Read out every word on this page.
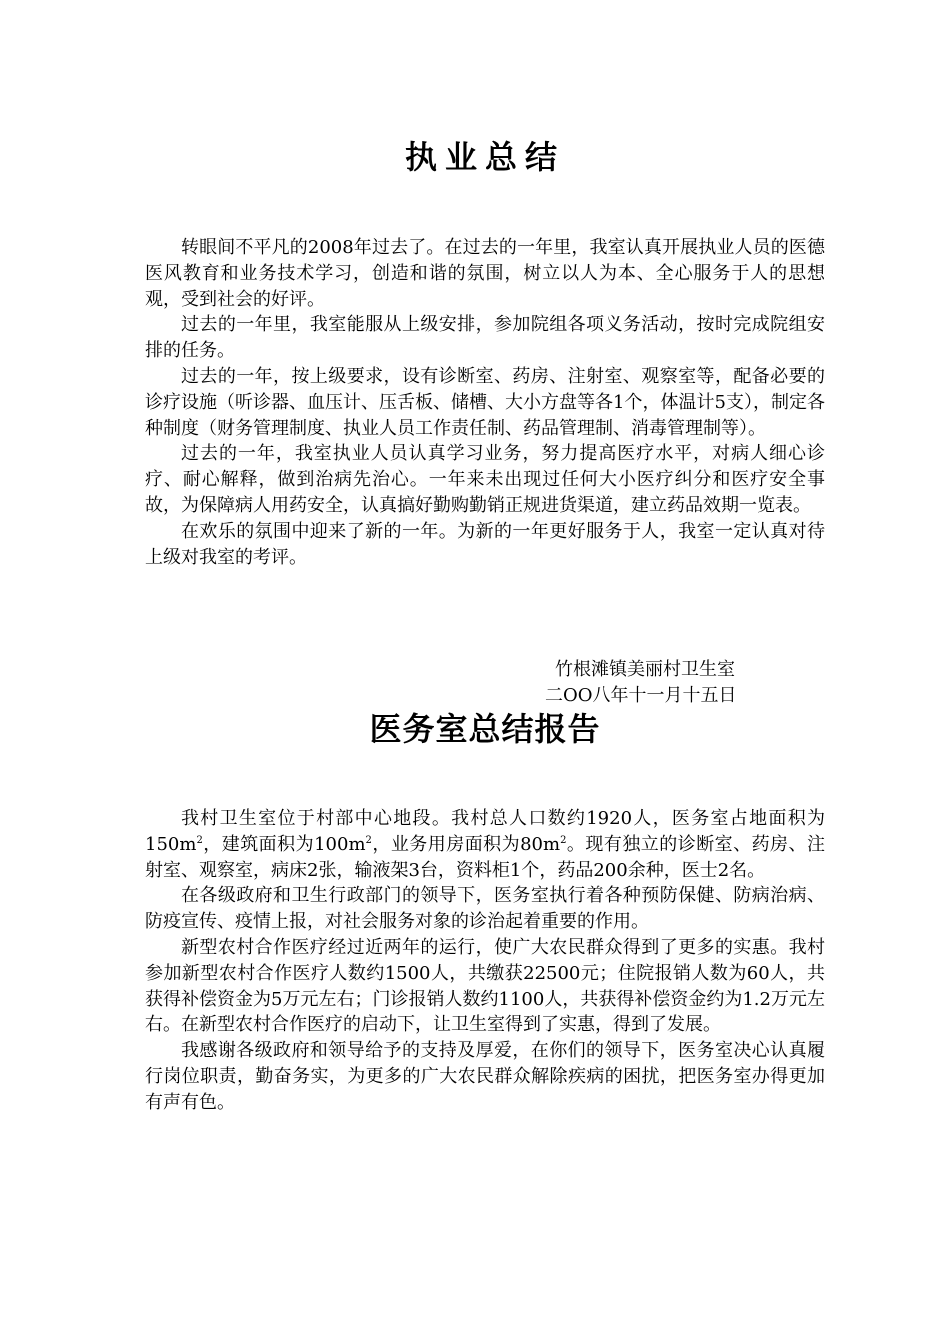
执业总结

转眼间不平凡的2008年过去了。在过去的一年里，我室认真开展执业人员的医德医风教育和业务技术学习，创造和谐的氛围，树立以人为本、全心服务于人的思想观，受到社会的好评。

过去的一年里，我室能服从上级安排，参加院组各项义务活动，按时完成院组安排的任务。

过去的一年，按上级要求，设有诊断室、药房、注射室、观察室等，配备必要的诊疗设施（听诊器、血压计、压舌板、储槽、大小方盘等各1个，体温计5支），制定各种制度（财务管理制度、执业人员工作责任制、药品管理制、消毒管理制等）。

过去的一年，我室执业人员认真学习业务，努力提高医疗水平，对病人细心诊疗、耐心解释，做到治病先治心。一年来未出现过任何大小医疗纠分和医疗安全事故，为保障病人用药安全，认真搞好勤购勤销正规进货渠道，建立药品效期一览表。

在欢乐的氛围中迎来了新的一年。为新的一年更好服务于人，我室一定认真对待上级对我室的考评。

竹根滩镇美丽村卫生室
二OO八年十一月十五日
医务室总结报告

我村卫生室位于村部中心地段。我村总人口数约1920人，医务室占地面积为$150m^2$，建筑面积为$100m^2$，业务用房面积为$80m^2$。现有独立的诊断室、药房、注射室、观察室，病床2张，输液架3台，资料柜1个，药品200余种，医士2名。

在各级政府和卫生行政部门的领导下，医务室执行着各种预防保健、防病治病、防疫宣传、疫情上报，对社会服务对象的诊治起着重要的作用。

新型农村合作医疗经过近两年的运行，使广大农民群众得到了更多的实惠。我村参加新型农村合作医疗人数约1500人，共缴获22500元；住院报销人数为60人，共获得补偿资金为5万元左右；门诊报销人数约1100人，共获得补偿资金约为1.2万元左右。在新型农村合作医疗的启动下，让卫生室得到了实惠，得到了发展。

我感谢各级政府和领导给予的支持及厚爱，在你们的领导下，医务室决心认真履行岗位职责，勤奋务实，为更多的广大农民群众解除疾病的困扰，把医务室办得更加有声有色。
